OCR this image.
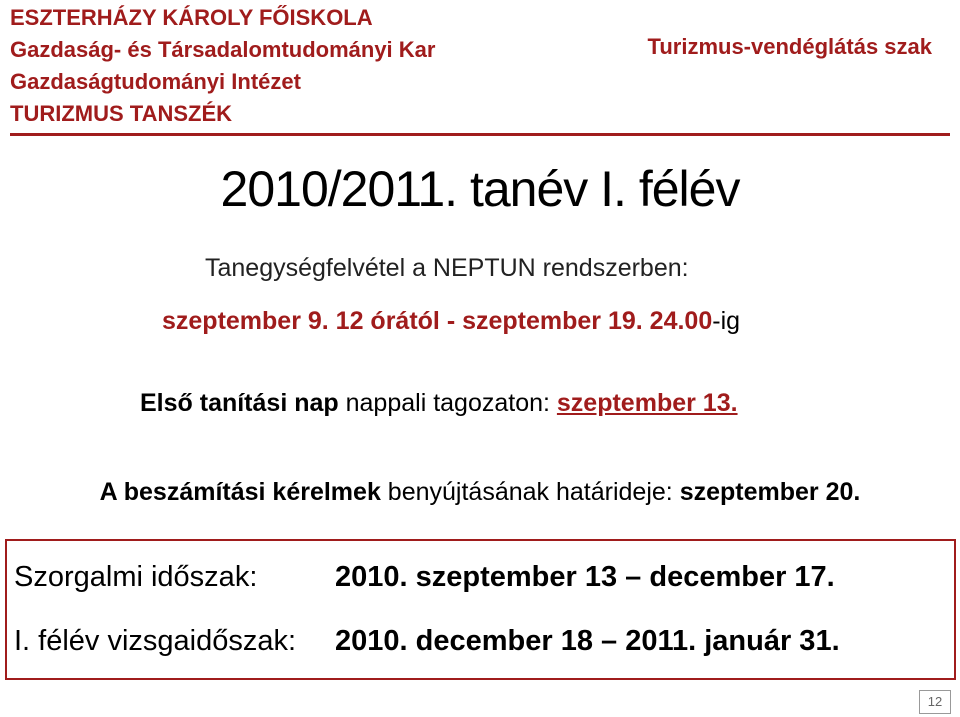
ESZTERHÁZY KÁROLY FŐISKOLA
Gazdaság- és Társadalomtudományi Kar
Gazdaságtudományi Intézet
TURIZMUS TANSZÉK
Turizmus-vendéglátás szak
2010/2011. tanév I. félév
Tanegységfelvétel a NEPTUN rendszerben:
szeptember 9. 12 órától - szeptember 19. 24.00-ig
Első tanítási nap nappali tagozaton: szeptember 13.
A beszámítási kérelmek benyújtásának határideje: szeptember 20.
Szorgalmi időszak:	2010. szeptember 13 – december 17.
I. félév vizsgaidőszak: 2010. december 18 – 2011. január 31.
12
